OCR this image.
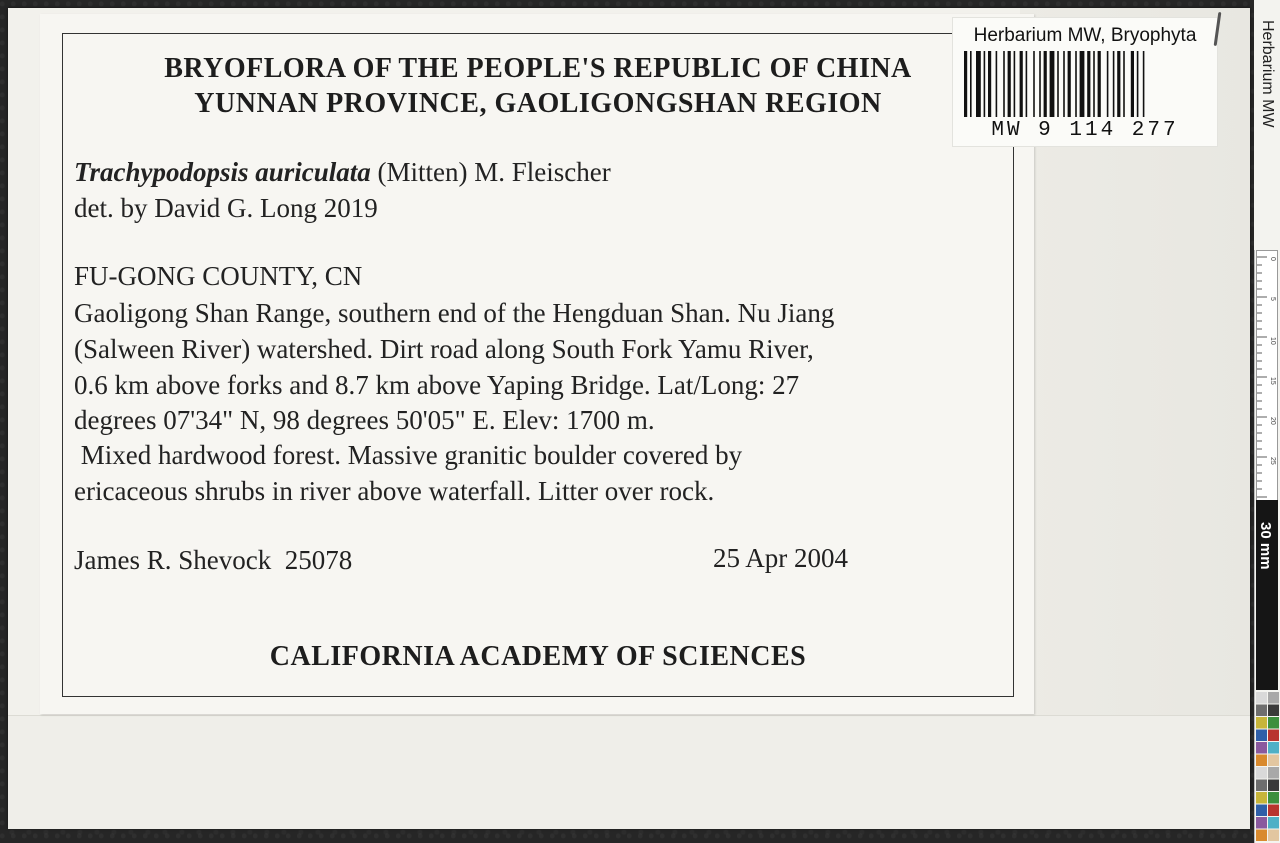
BRYOFLORA OF THE PEOPLE'S REPUBLIC OF CHINA
YUNNAN PROVINCE, GAOLIGONGSHAN REGION
Trachypodopsis auriculata (Mitten) M. Fleischer
det. by David G. Long 2019
FU-GONG COUNTY, CN
Gaoligong Shan Range, southern end of the Hengduan Shan. Nu Jiang
(Salween River) watershed. Dirt road along South Fork Yamu River,
0.6 km above forks and 8.7 km above Yaping Bridge. Lat/Long: 27
degrees 07'34" N, 98 degrees 50'05" E. Elev: 1700 m.
Mixed hardwood forest. Massive granitic boulder covered by
ericaceous shrubs in river above waterfall. Litter over rock.
James R. Shevock  25078	25 Apr 2004
CALIFORNIA ACADEMY OF SCIENCES
Herbarium MW, Bryophyta
MW 9 114 277
Herbarium MW
0
5
10
15
20
25
30 mm
